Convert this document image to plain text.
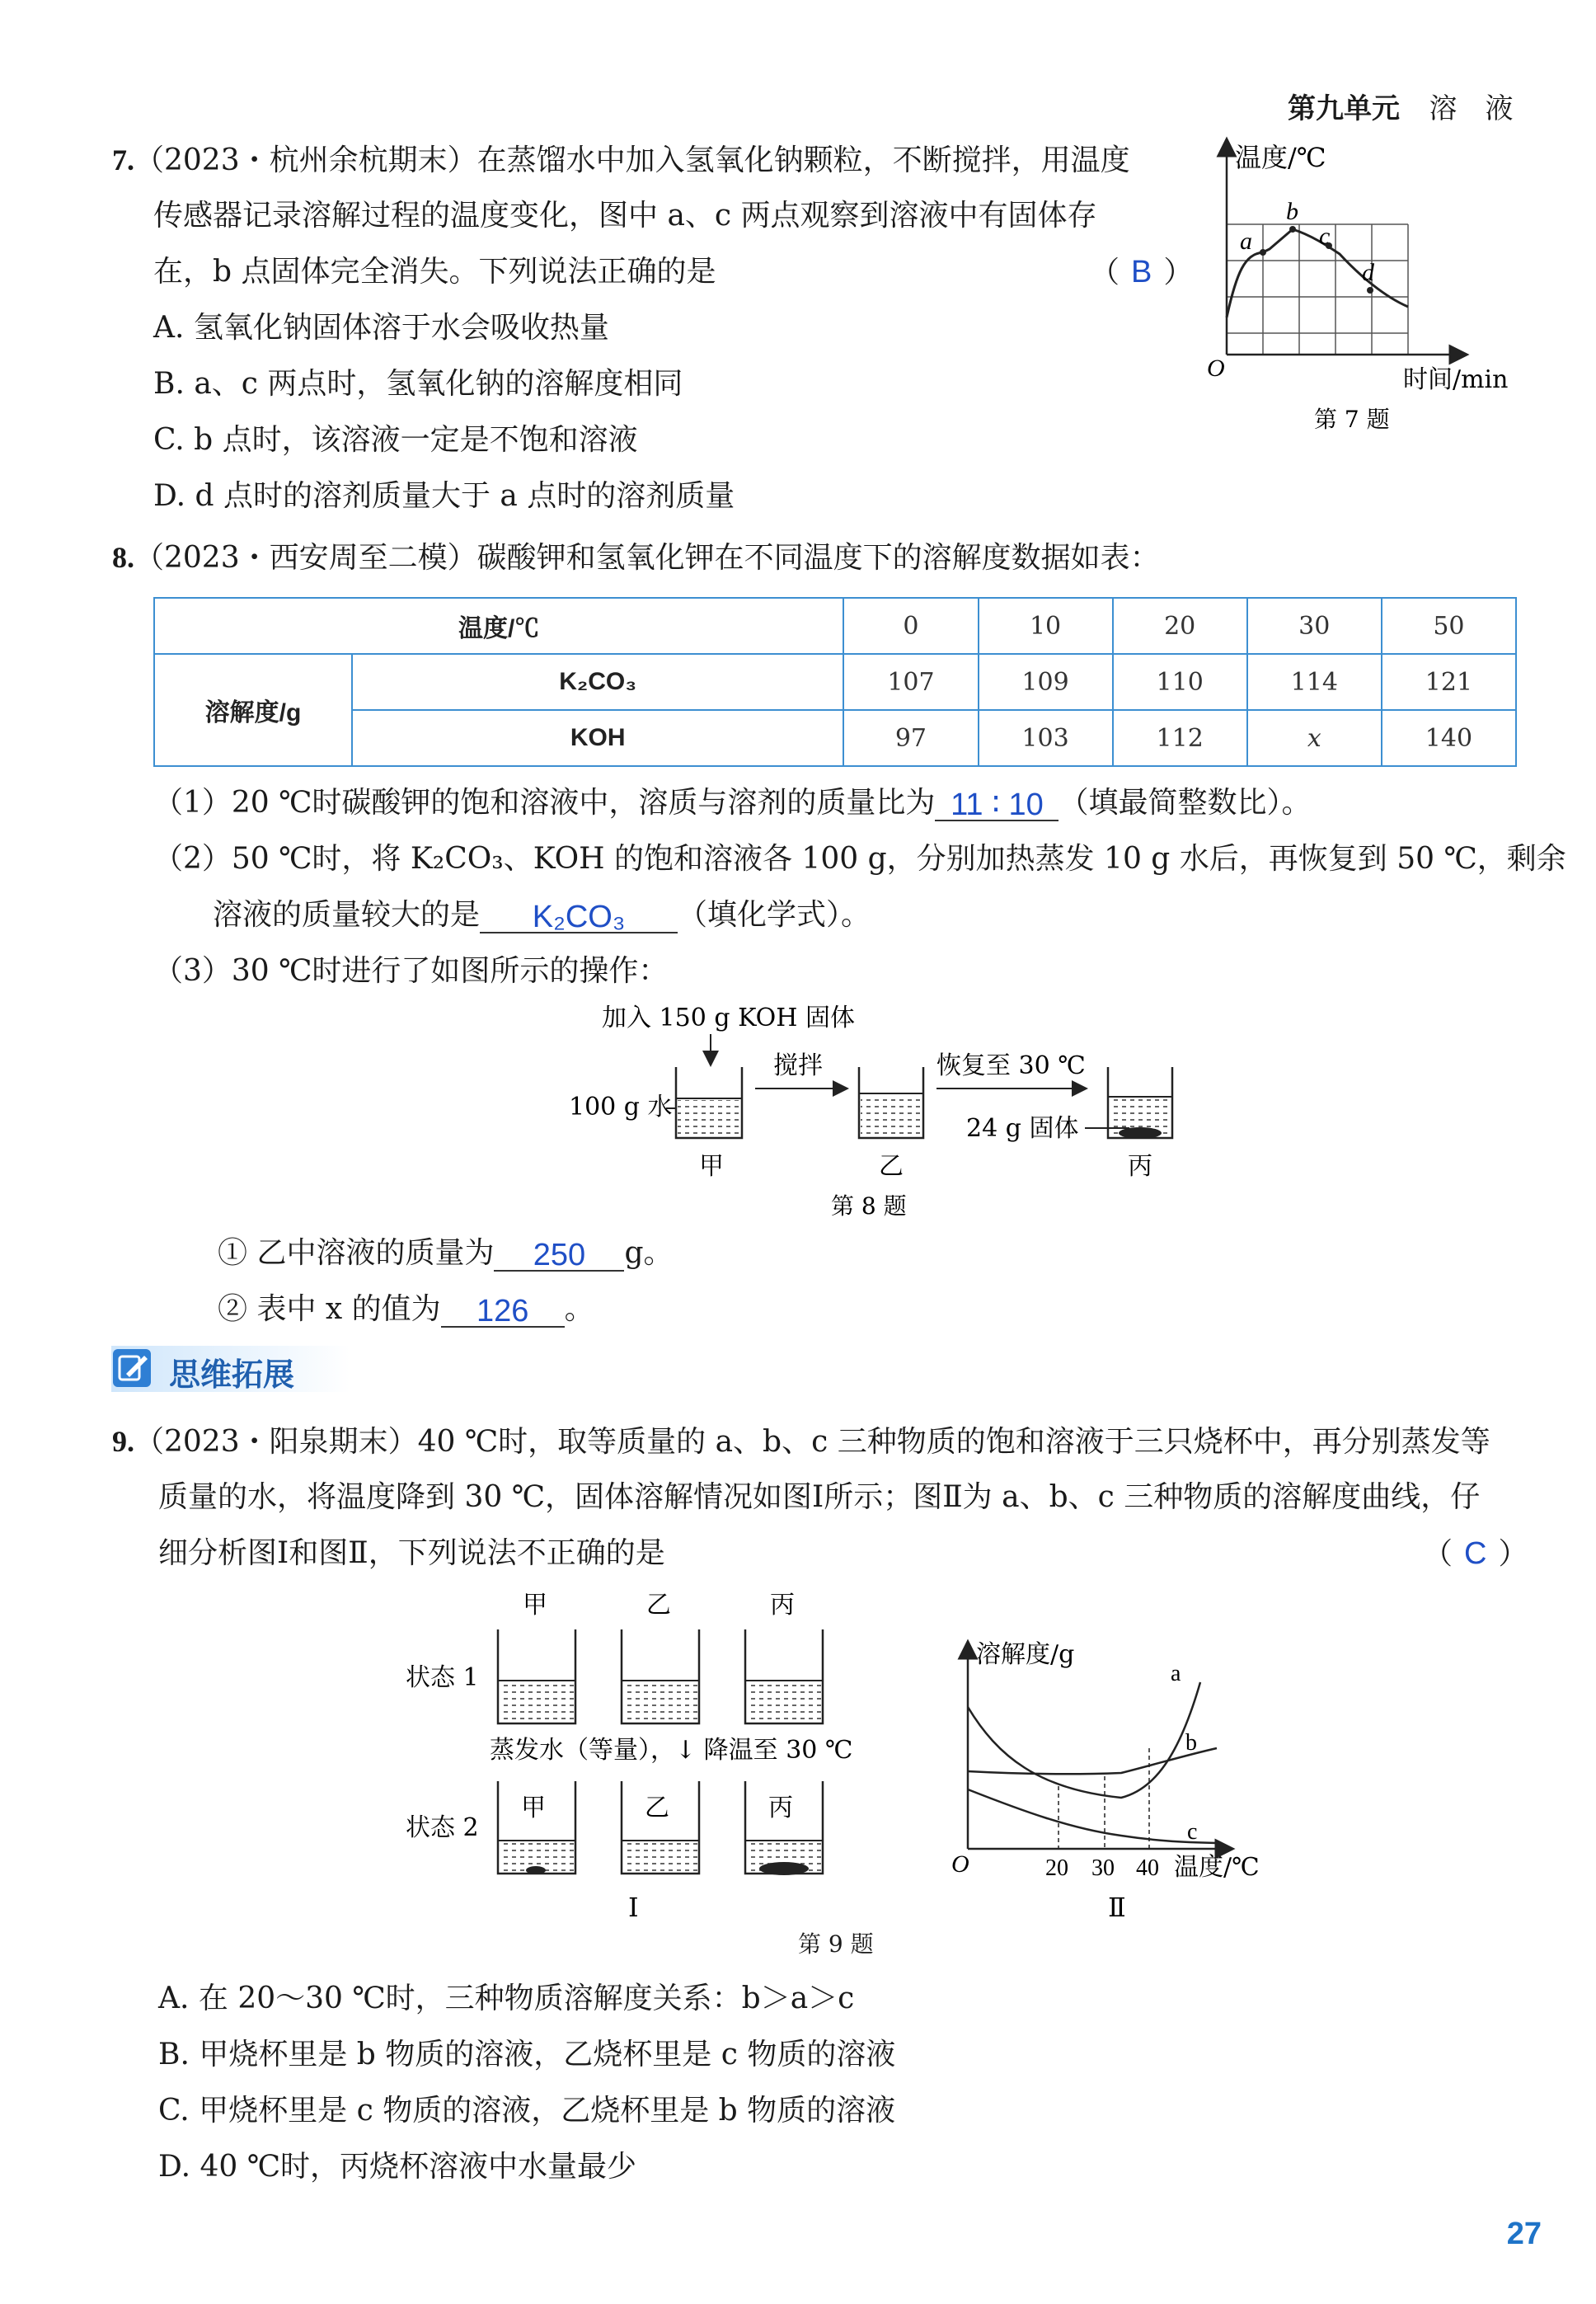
第九单元 溶　液
7.（2023・杭州余杭期末）在蒸馏水中加入氢氧化钠颗粒，不断搅拌，用温度
传感器记录溶解过程的温度变化，图中 a、c 两点观察到溶液中有固体存
在，b 点固体完全消失。下列说法正确的是	（ B ）
A. 氢氧化钠固体溶于水会吸收热量
B. a、c 两点时，氢氧化钠的溶解度相同
C. b 点时，该溶液一定是不饱和溶液
D. d 点时的溶剂质量大于 a 点时的溶剂质量
温度/℃
a
b
c
d
O	时间/min
第 7 题
8.（2023・西安周至二模）碳酸钾和氢氧化钾在不同温度下的溶解度数据如表：
温度/℃		0	10	20	30	50
溶解度/g	K₂CO₃	107	109	110	114	121
	KOH	97	103	112	x	140
（1）20 ℃时碳酸钾的饱和溶液中，溶质与溶剂的质量比为 11 ∶ 10 （填最简整数比）。
（2）50 ℃时，将 K₂CO₃、KOH 的饱和溶液各 100 g，分别加热蒸发 10 g 水后，再恢复到 50 ℃，剩余
溶液的质量较大的是 K₂CO₃ （填化学式）。
（3）30 ℃时进行了如图所示的操作：
加入 150 g KOH 固体
100 g 水
甲
搅拌
乙
恢复至 30 ℃
24 g 固体
丙
第 8 题
① 乙中溶液的质量为 250 g。
② 表中 x 的值为 126 。
思维拓展
9.（2023・阳泉期末）40 ℃时，取等质量的 a、b、c 三种物质的饱和溶液于三只烧杯中，再分别蒸发等
质量的水，将温度降到 30 ℃，固体溶解情况如图Ⅰ所示；图Ⅱ为 a、b、c 三种物质的溶解度曲线，仔
细分析图Ⅰ和图Ⅱ，下列说法不正确的是	（ C ）
甲	乙	丙
状态 1
蒸发水（等量），↓ 降温至 30 ℃
状态 2
甲	乙	丙
Ⅰ
溶解度/g
a
b
c
O	20 30 40 温度/℃
Ⅱ
第 9 题
A. 在 20～30 ℃时，三种物质溶解度关系：b＞a＞c
B. 甲烧杯里是 b 物质的溶液，乙烧杯里是 c 物质的溶液
C. 甲烧杯里是 c 物质的溶液，乙烧杯里是 b 物质的溶液
D. 40 ℃时，丙烧杯溶液中水量最少
27
